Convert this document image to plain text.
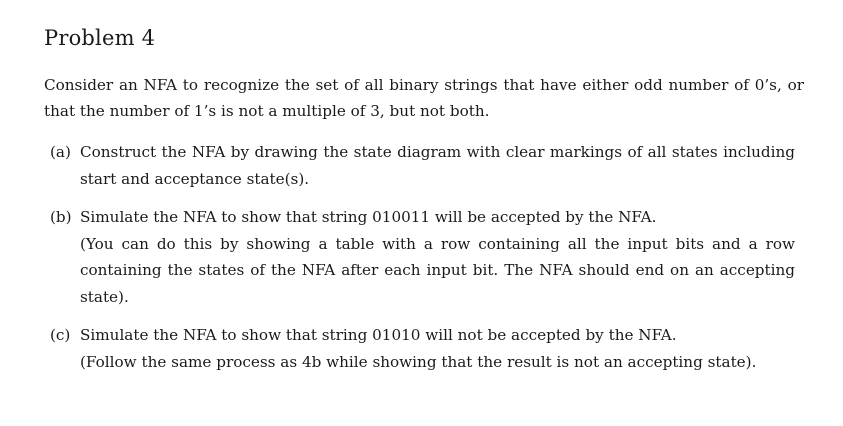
Problem 4
Consider an NFA to recognize the set of all binary strings that have either odd number of 0’s, or
that the number of 1’s is not a multiple of 3, but not both.
(a) Construct the NFA by drawing the state diagram with clear markings of all states including
start and acceptance state(s).
(b) Simulate the NFA to show that string 010011 will be accepted by the NFA.
(You can do this by showing a table with a row containing all the input bits and a row
containing the states of the NFA after each input bit. The NFA should end on an accepting
state).
(c) Simulate the NFA to show that string 01010 will not be accepted by the NFA.
(Follow the same process as 4b while showing that the result is not an accepting state).
